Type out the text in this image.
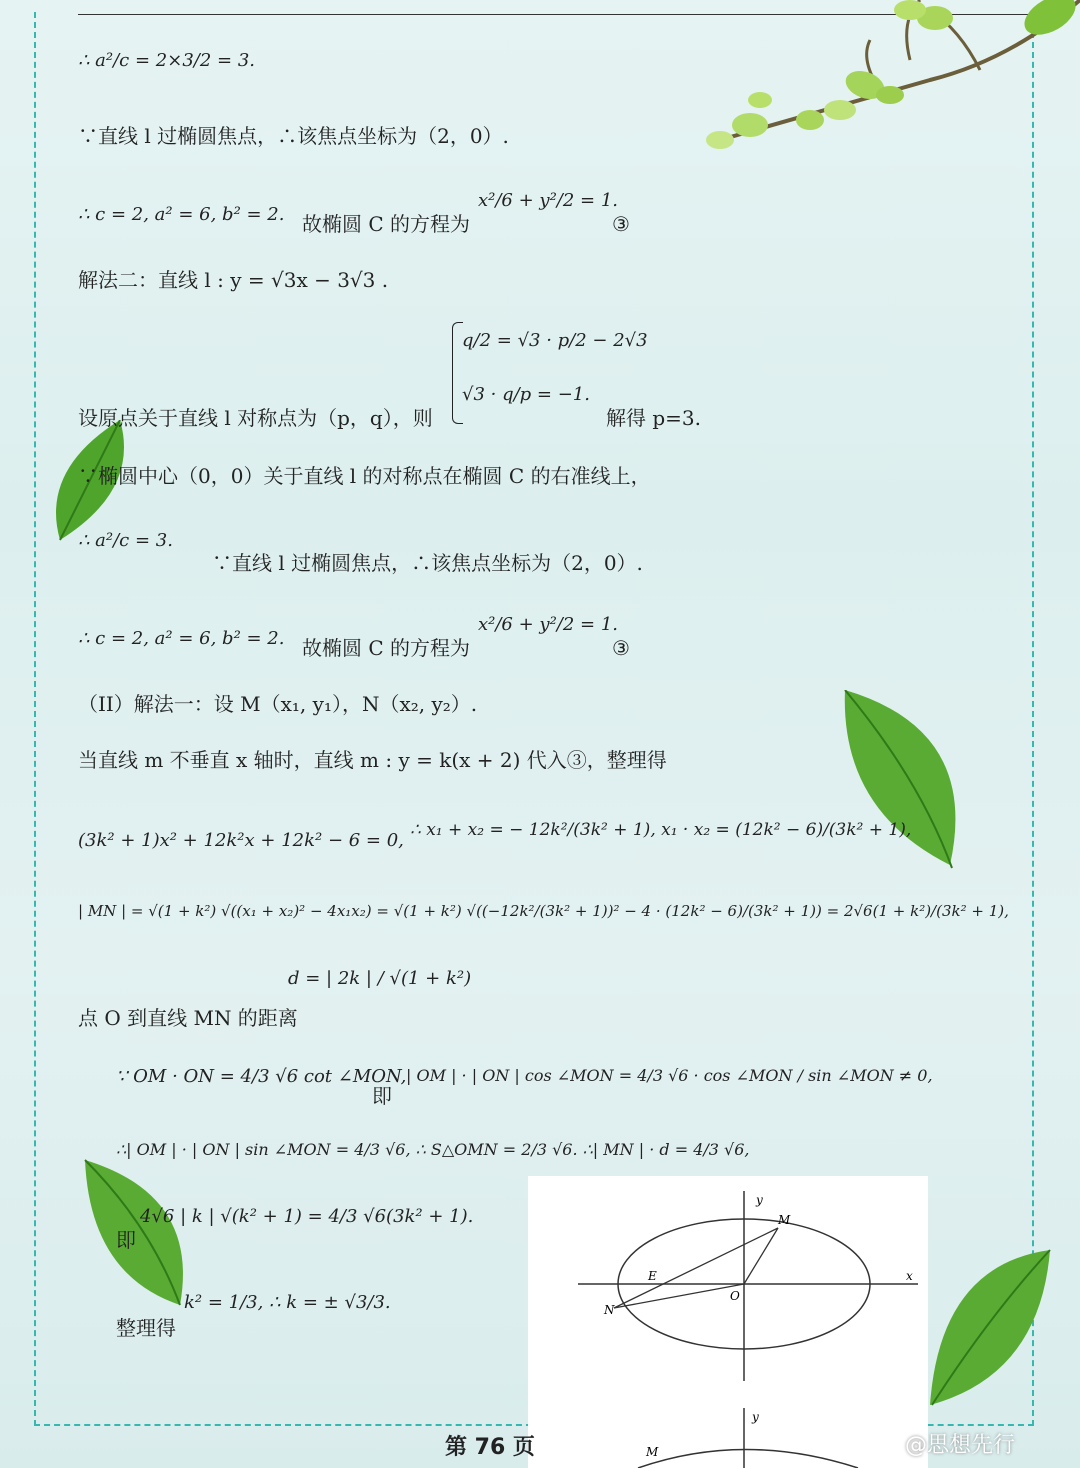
∴ a²/c = 2×3/2 = 3.
∵直线 l 过椭圆焦点，∴该焦点坐标为（2，0）.
∴ c = 2, a² = 6, b² = 2. 故椭圆 C 的方程为
x²/6 + y²/2 = 1.
③
解法二：直线 l : y = √3x − 3√3 .
q/2 = √3 · p/2 − 2√3
√3 · q/p = −1.
设原点关于直线 l 对称点为（p，q），则	解得 p=3.
∵椭圆中心（0，0）关于直线 l 的对称点在椭圆 C 的右准线上，
∴ a²/c = 3.
∵直线 l 过椭圆焦点，∴该焦点坐标为（2，0）.
∴ c = 2, a² = 6, b² = 2. 故椭圆 C 的方程为
x²/6 + y²/2 = 1.
③
（II）解法一：设 M（x₁, y₁），N（x₂, y₂）.
当直线 m 不垂直 x 轴时，直线 m : y = k(x + 2) 代入③，整理得
(3k² + 1)x² + 12k²x + 12k² − 6 = 0, ∴ x₁ + x₂ = − 12k²/(3k² + 1), x₁ · x₂ = (12k² − 6)/(3k² + 1),
| MN | = √(1 + k²) √((x₁ + x₂)² − 4x₁x₂) = √(1 + k²) √((−12k²/(3k² + 1))² − 4 · (12k² − 6)/(3k² + 1)) = 2√6(1 + k²)/(3k² + 1),
点 O 到直线 MN 的距离
d = | 2k | / √(1 + k²)
∵ OM · ON = 4/3 √6 cot ∠MON,
即
| OM | · | ON | cos ∠MON = 4/3 √6 · cos ∠MON / sin ∠MON ≠ 0,
∴| OM | · | ON | sin ∠MON = 4/3 √6, ∴ S△OMN = 2/3 √6. ∴| MN | · d = 4/3 √6,
即
4√6 | k | √(k² + 1) = 4/3 √6(3k² + 1).
整理得
k² = 1/3, ∴ k = ± √3/3.
y
x
M
N
E
O
y
M
第 76 页	@思想先行
